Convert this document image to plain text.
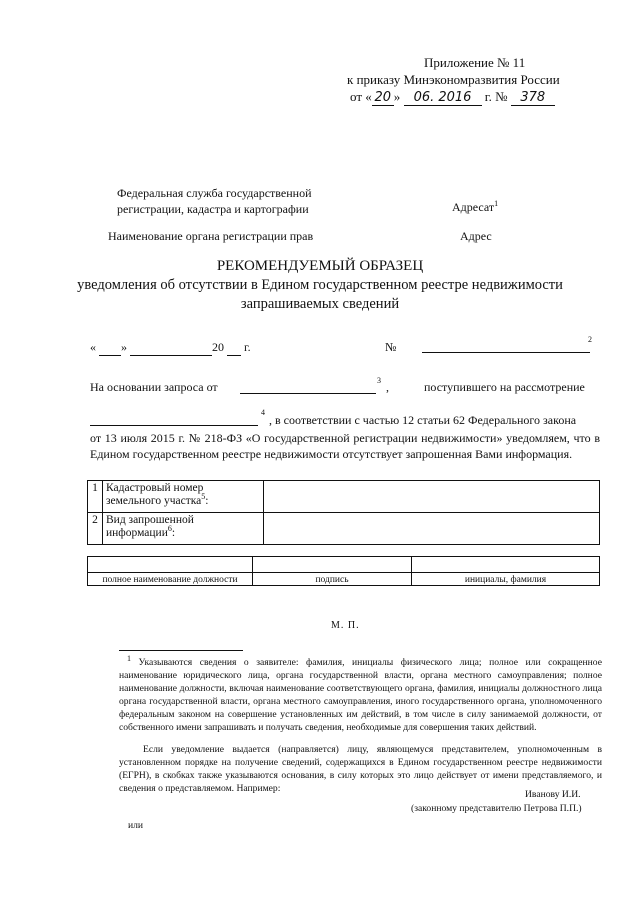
Приложение № 11
к приказу Минэкономразвития России
от « 20 » 06. 2016 г. № 378
Федеральная служба государственной
регистрации, кадастра и картографии	Адресат$^1$
Наименование органа регистрации прав	Адрес
РЕКОМЕНДУЕМЫЙ ОБРАЗЕЦ
уведомления об отсутствии в Едином государственном реестре недвижимости
запрашиваемых сведений
« »	20 г.	№
2
На основании запроса от	3 ,	поступившего на рассмотрение
4
, в соответствии с частью 12 статьи 62 Федерального закона
от 13 июля 2015 г. № 218-ФЗ «О государственной регистрации недвижимости» уведомляем, что в Едином государственном реестре недвижимости отсутствует запрошенная Вами информация.
1	Кадастровый номер
земельного участка$^5$:	
2	Вид запрошенной
информации$^6$:	

полное наименование должности	подпись	инициалы, фамилия
М. П.
$^1$ Указываются сведения о заявителе: фамилия, инициалы физического лица; полное или сокращенное наименование юридического лица, органа государственной власти, органа местного самоуправления; полное наименование должности, включая наименование соответствующего органа, фамилия, инициалы должностного лица органа государственной власти, органа местного самоуправления, иного государственного органа, уполномоченного федеральным законом на совершение установленных им действий, в том числе в силу занимаемой должности, от собственного имени запрашивать и получать сведения, необходимые для совершения таких действий.
Если уведомление выдается (направляется) лицу, являющемуся представителем, уполномоченным в установленном порядке на получение сведений, содержащихся в Едином государственном реестре недвижимости (ЕГРН), в скобках также указываются основания, в силу которых это лицо действует от имени представляемого, и сведения о представляемом. Например:
Иванову И.И.
(законному представителю Петрова П.П.)
или
